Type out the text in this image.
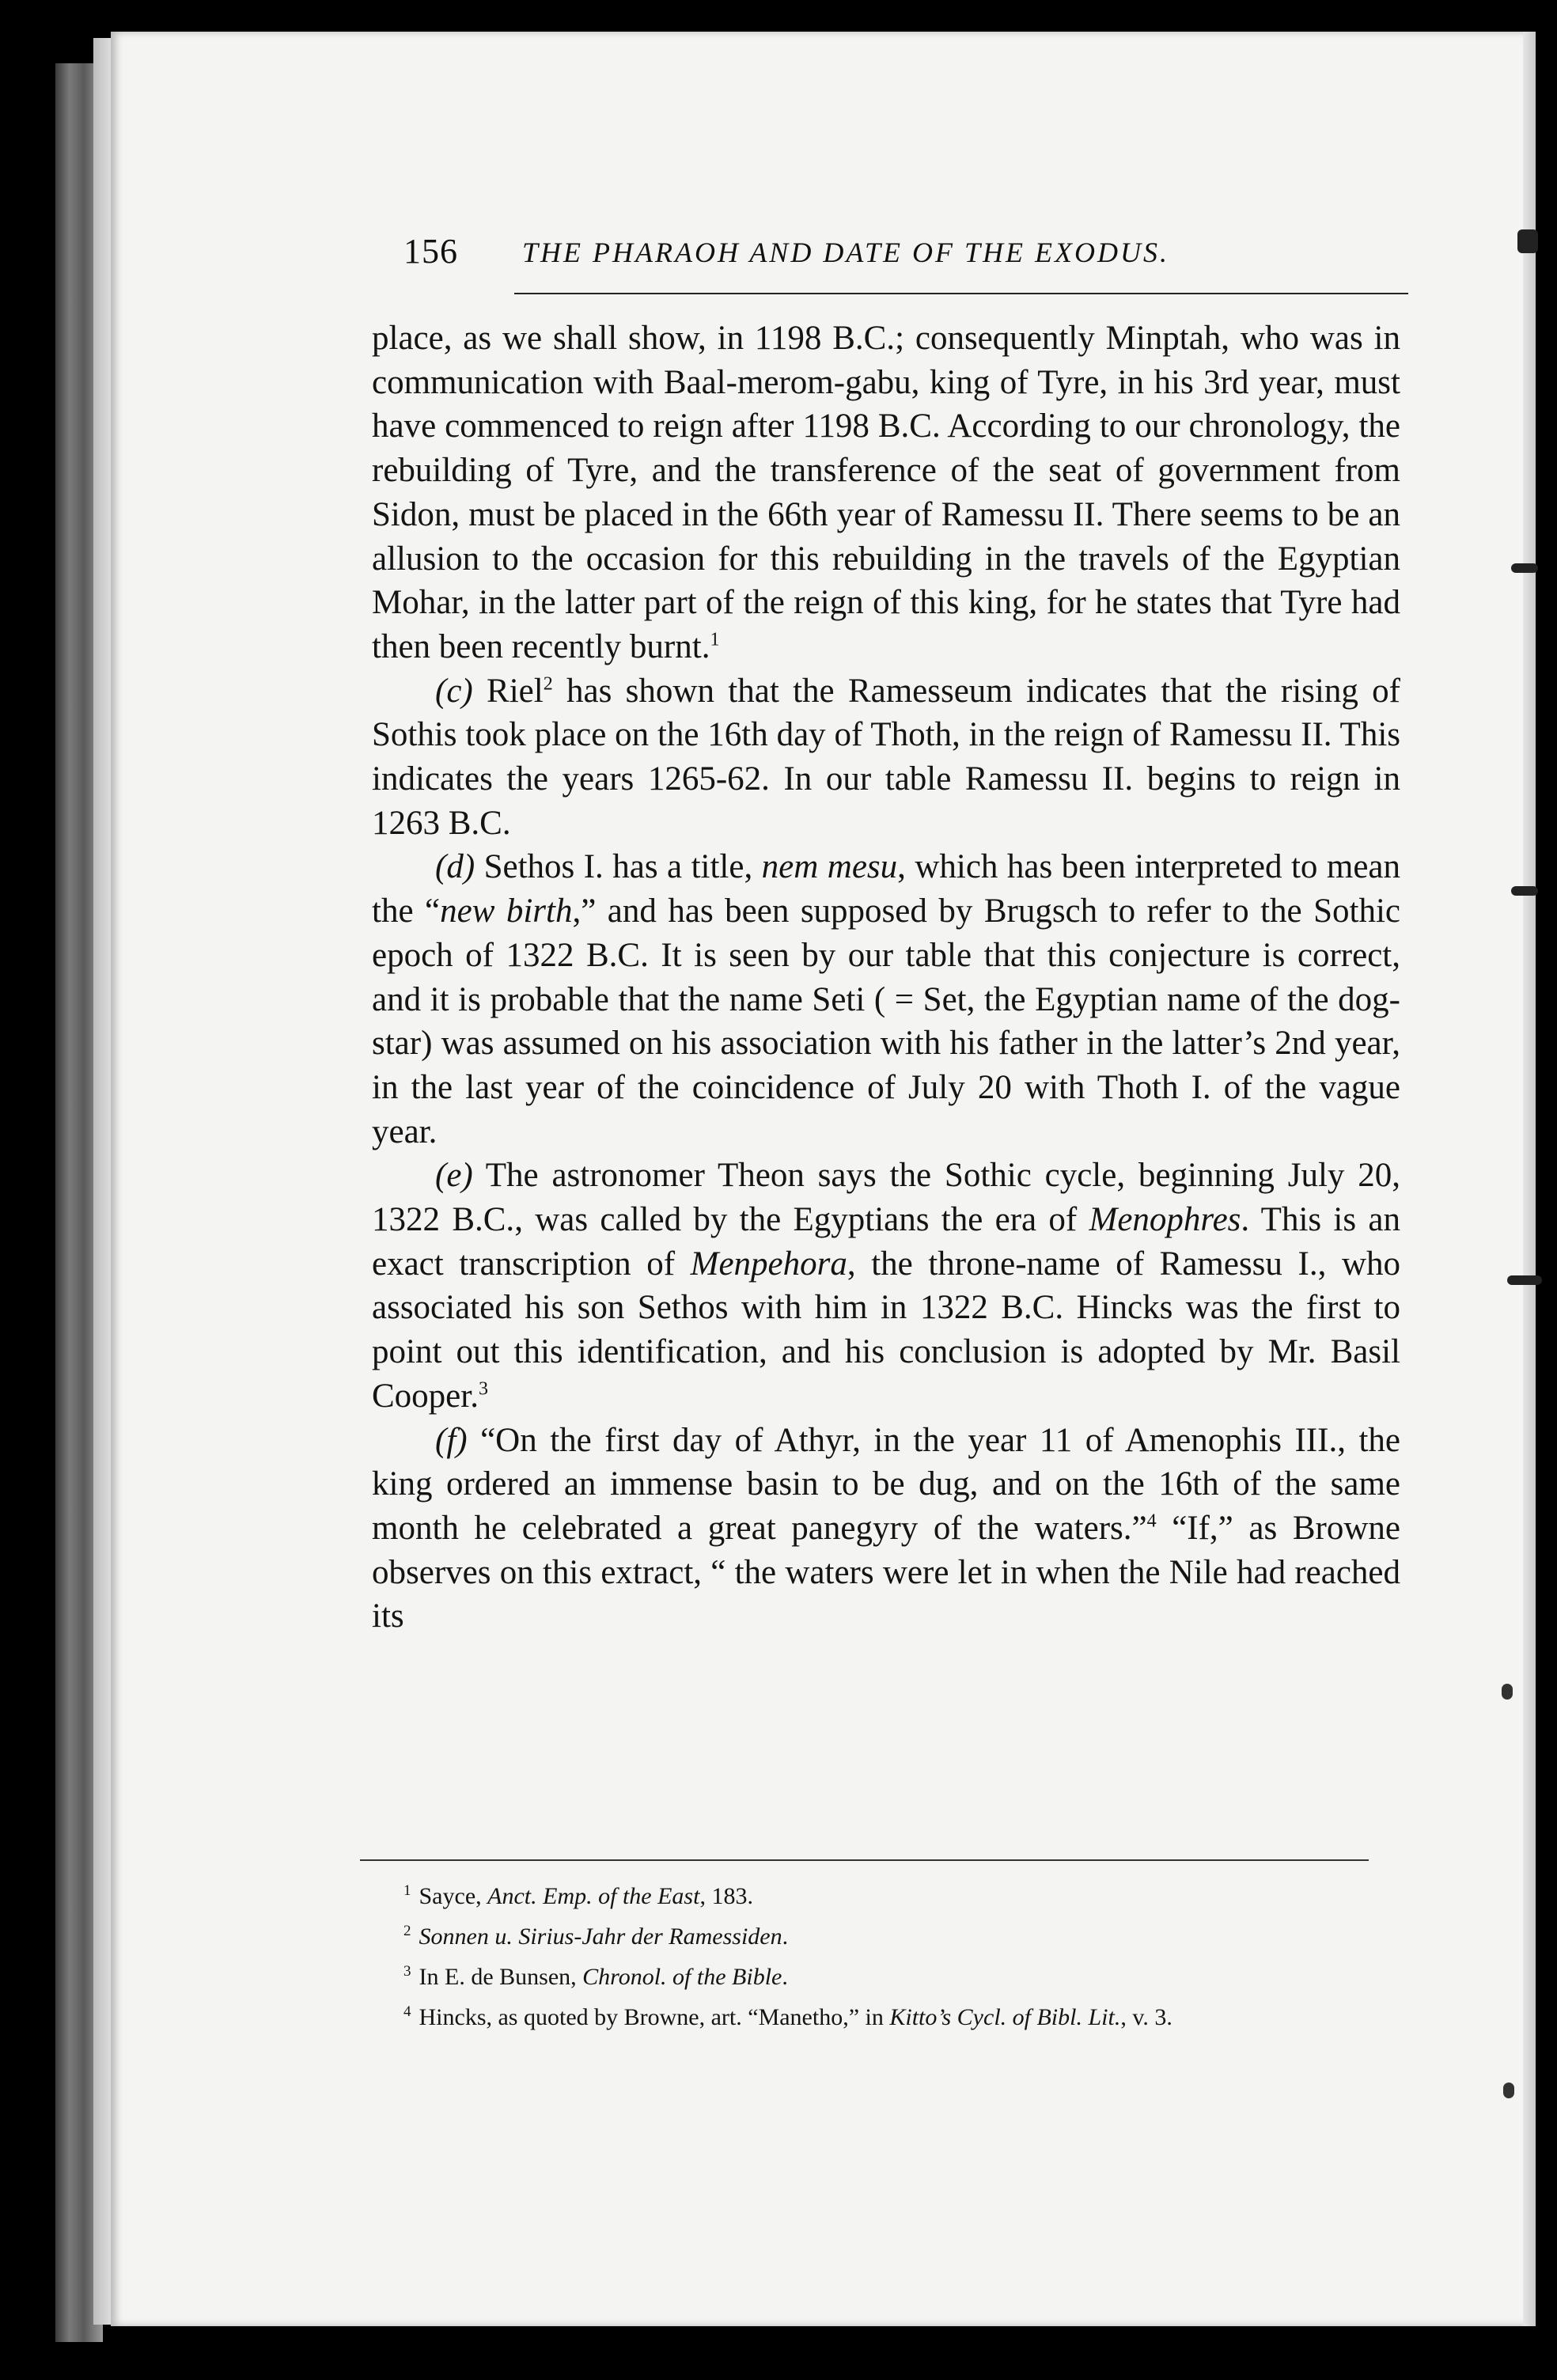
156 THE PHARAOH AND DATE OF THE EXODUS.

place, as we shall show, in 1198 B.C.; consequently Minptah, who was in communication with Baal-merom-gabu, king of Tyre, in his 3rd year, must have commenced to reign after 1198 B.C. According to our chronology, the rebuilding of Tyre, and the transference of the seat of government from Sidon, must be placed in the 66th year of Ramessu II. There seems to be an allusion to the occasion for this rebuilding in the travels of the Egyptian Mohar, in the latter part of the reign of this king, for he states that Tyre had then been recently burnt.$^1$

(c) Riel$^2$ has shown that the Ramesseum indicates that the rising of Sothis took place on the 16th day of Thoth, in the reign of Ramessu II. This indicates the years 1265-62. In our table Ramessu II. begins to reign in 1263 B.C.

(d) Sethos I. has a title, nem mesu, which has been interpreted to mean the “new birth,” and has been supposed by Brugsch to refer to the Sothic epoch of 1322 B.C. It is seen by our table that this conjecture is correct, and it is probable that the name Seti ( = Set, the Egyptian name of the dog-star) was assumed on his association with his father in the latter’s 2nd year, in the last year of the coincidence of July 20 with Thoth I. of the vague year.

(e) The astronomer Theon says the Sothic cycle, beginning July 20, 1322 B.C., was called by the Egyptians the era of Menophres. This is an exact transcription of Menpehora, the throne-name of Ramessu I., who associated his son Sethos with him in 1322 B.C. Hincks was the first to point out this identification, and his conclusion is adopted by Mr. Basil Cooper.$^3$

(f) “On the first day of Athyr, in the year 11 of Amenophis III., the king ordered an immense basin to be dug, and on the 16th of the same month he celebrated a great panegyry of the waters.”$^4$ “If,” as Browne observes on this extract, “ the waters were let in when the Nile had reached its

$^1$ Sayce, Anct. Emp. of the East, 183.

$^2$ Sonnen u. Sirius-Jahr der Ramessiden.

$^3$ In E. de Bunsen, Chronol. of the Bible.

$^4$ Hincks, as quoted by Browne, art. “Manetho,” in Kitto’s Cycl. of Bibl. Lit., v. 3.
